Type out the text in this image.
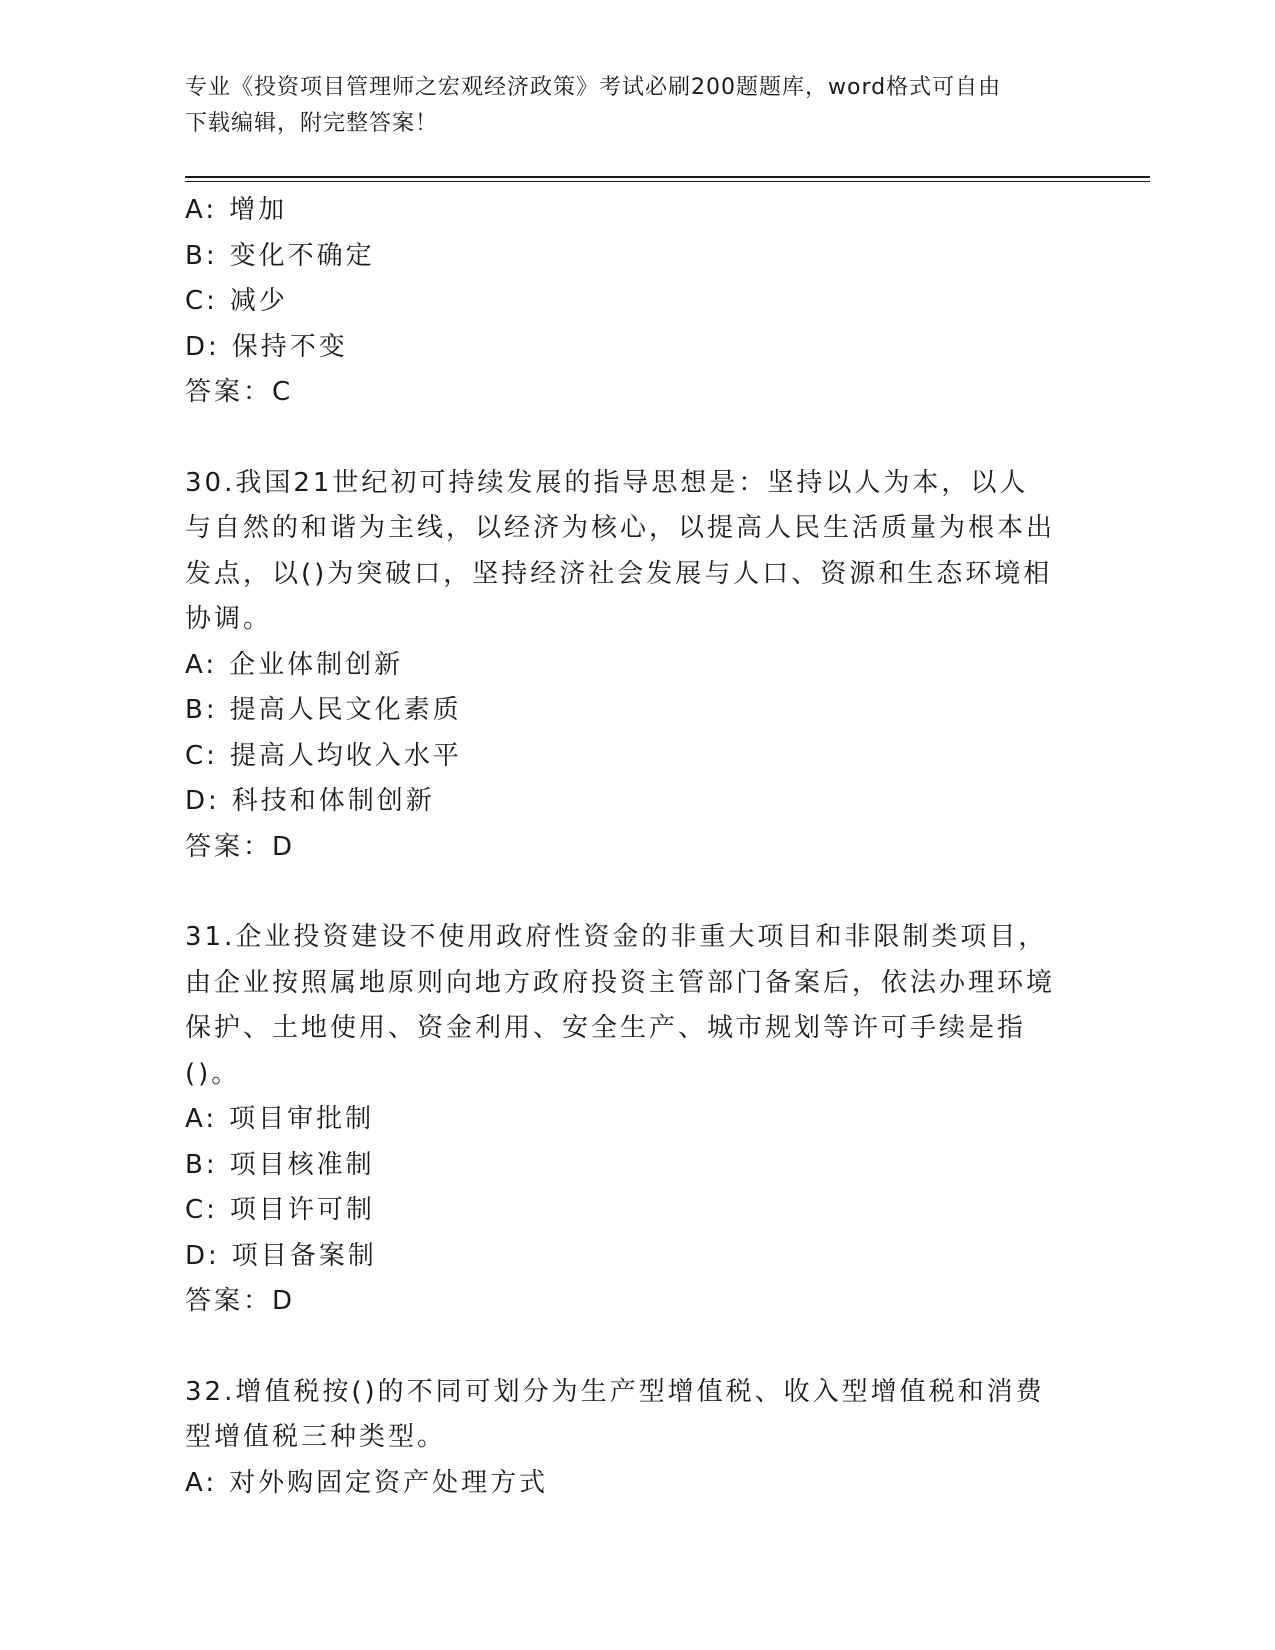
专业《投资项目管理师之宏观经济政策》考试必刷200题题库，word格式可自由
下载编辑，附完整答案！
A: 增加
B: 变化不确定
C: 减少
D: 保持不变
答案：C
30.我国21世纪初可持续发展的指导思想是：坚持以人为本，以人与自然的和谐为主线，以经济为核心，以提高人民生活质量为根本出发点，以()为突破口，坚持经济社会发展与人口、资源和生态环境相协调。
A: 企业体制创新
B: 提高人民文化素质
C: 提高人均收入水平
D: 科技和体制创新
答案：D
31.企业投资建设不使用政府性资金的非重大项目和非限制类项目，由企业按照属地原则向地方政府投资主管部门备案后，依法办理环境保护、土地使用、资金利用、安全生产、城市规划等许可手续是指()。
A: 项目审批制
B: 项目核准制
C: 项目许可制
D: 项目备案制
答案：D
32.增值税按()的不同可划分为生产型增值税、收入型增值税和消费型增值税三种类型。
A: 对外购固定资产处理方式
